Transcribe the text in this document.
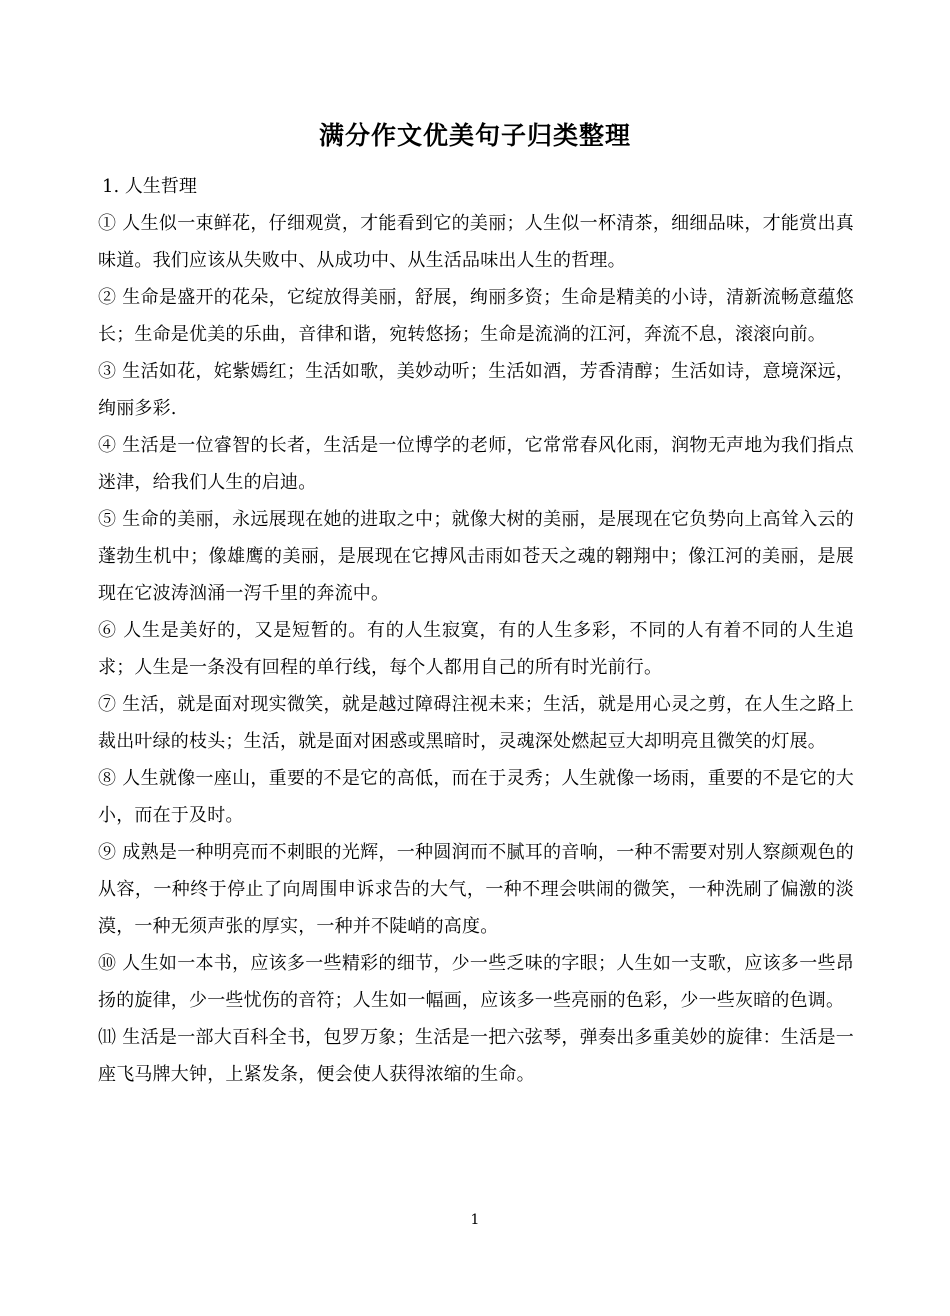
满分作文优美句子归类整理
1. 人生哲理

① 人生似一束鲜花，仔细观赏，才能看到它的美丽；人生似一杯清茶，细细品味，才能赏出真味道。我们应该从失败中、从成功中、从生活品味出人生的哲理。

② 生命是盛开的花朵，它绽放得美丽，舒展，绚丽多资；生命是精美的小诗，清新流畅意蕴悠长；生命是优美的乐曲，音律和谐，宛转悠扬；生命是流淌的江河，奔流不息，滚滚向前。

③ 生活如花，姹紫嫣红；生活如歌，美妙动听；生活如酒，芳香清醇；生活如诗，意境深远，绚丽多彩.

④ 生活是一位睿智的长者，生活是一位博学的老师，它常常春风化雨，润物无声地为我们指点迷津，给我们人生的启迪。

⑤ 生命的美丽，永远展现在她的进取之中；就像大树的美丽，是展现在它负势向上高耸入云的蓬勃生机中；像雄鹰的美丽，是展现在它搏风击雨如苍天之魂的翱翔中；像江河的美丽，是展现在它波涛汹涌一泻千里的奔流中。

⑥ 人生是美好的，又是短暂的。有的人生寂寞，有的人生多彩，不同的人有着不同的人生追求；人生是一条没有回程的单行线，每个人都用自己的所有时光前行。

⑦ 生活，就是面对现实微笑，就是越过障碍注视未来；生活，就是用心灵之剪，在人生之路上裁出叶绿的枝头；生活，就是面对困惑或黑暗时，灵魂深处燃起豆大却明亮且微笑的灯展。

⑧ 人生就像一座山，重要的不是它的高低，而在于灵秀；人生就像一场雨，重要的不是它的大小，而在于及时。

⑨ 成熟是一种明亮而不刺眼的光辉，一种圆润而不腻耳的音响，一种不需要对别人察颜观色的从容，一种终于停止了向周围申诉求告的大气，一种不理会哄闹的微笑，一种洗刷了偏激的淡漠，一种无须声张的厚实，一种并不陡峭的高度。

⑩ 人生如一本书，应该多一些精彩的细节，少一些乏味的字眼；人生如一支歌，应该多一些昂扬的旋律，少一些忧伤的音符；人生如一幅画，应该多一些亮丽的色彩，少一些灰暗的色调。

⑾ 生活是一部大百科全书，包罗万象；生活是一把六弦琴，弹奏出多重美妙的旋律：生活是一座飞马牌大钟，上紧发条，便会使人获得浓缩的生命。

1
